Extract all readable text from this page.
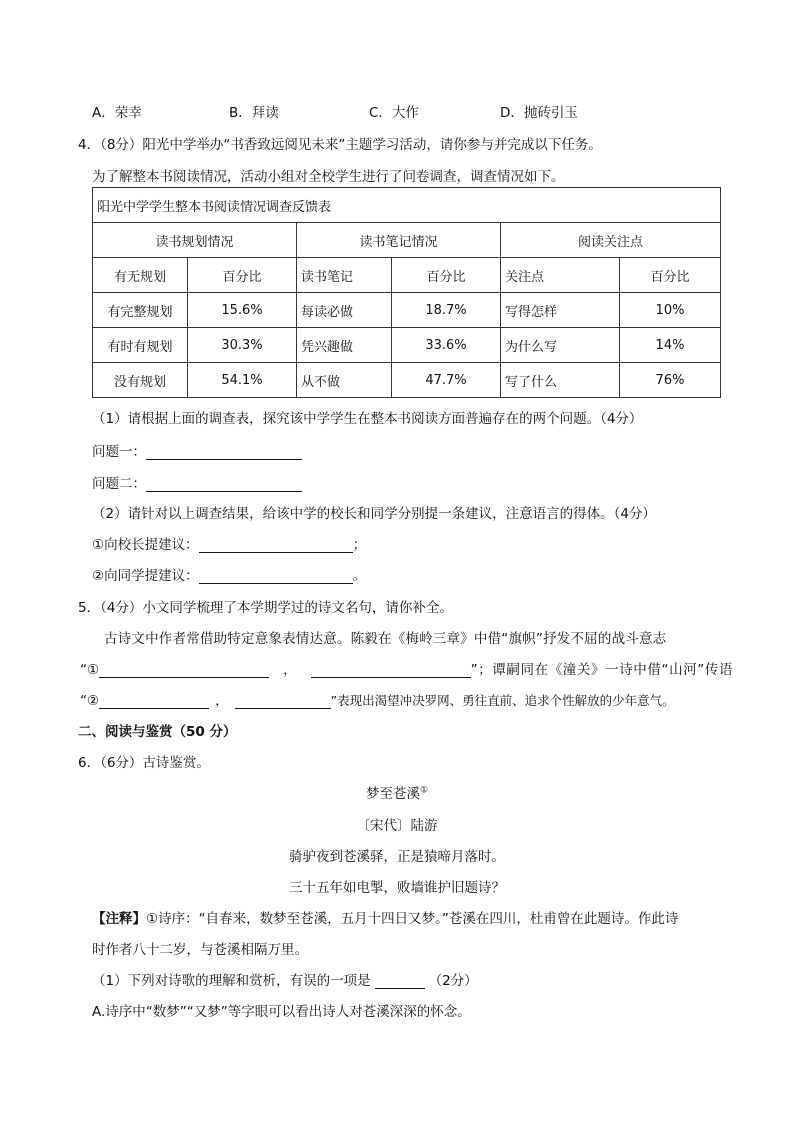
A．荣幸	B．拜读	C．大作	D．抛砖引玉
4．（8分）阳光中学举办“书香致远阅见未来”主题学习活动，请你参与并完成以下任务。
为了解整本书阅读情况，活动小组对全校学生进行了问卷调查，调查情况如下。
阳光中学学生整本书阅读情况调查反馈表					
读书规划情况		读书笔记情况		阅读关注点	
有无规划	百分比	读书笔记	百分比	关注点	百分比
有完整规划	15.6%	每读必做	18.7%	写得怎样	10%
有时有规划	30.3%	凭兴趣做	33.6%	为什么写	14%
没有规划	54.1%	从不做	47.7%	写了什么	76%
（1）请根据上面的调查表，探究该中学学生在整本书阅读方面普遍存在的两个问题。（4分）
问题一：
问题二：
（2）请针对以上调查结果，给该中学的校长和同学分别提一条建议，注意语言的得体。（4分）
①向校长提建议：	；
②向同学提建议：	。
5．（4分）小文同学梳理了本学期学过的诗文名句，请你补全。
古诗文中作者常借助特定意象表情达意。陈毅在《梅岭三章》中借“旗帜”抒发不屈的战斗意志
“①	，	”；谭嗣同在《潼关》一诗中借“山河”传语
“②	，	”表现出渴望冲决罗网、勇往直前、追求个性解放的少年意气。
二、阅读与鉴赏（50 分）
6．（6分）古诗鉴赏。
梦至苍溪①
〔宋代〕陆游
骑驴夜到苍溪驿，正是猿啼月落时。
三十五年如电掣，败墙谁护旧题诗？
【注释】①诗序：“自春来，数梦至苍溪，五月十四日又梦。”苍溪在四川，杜甫曾在此题诗。作此诗
时作者八十二岁，与苍溪相隔万里。
（1）下列对诗歌的理解和赏析，有误的一项是	（2分）
A.诗序中“数梦”“又梦”等字眼可以看出诗人对苍溪深深的怀念。
